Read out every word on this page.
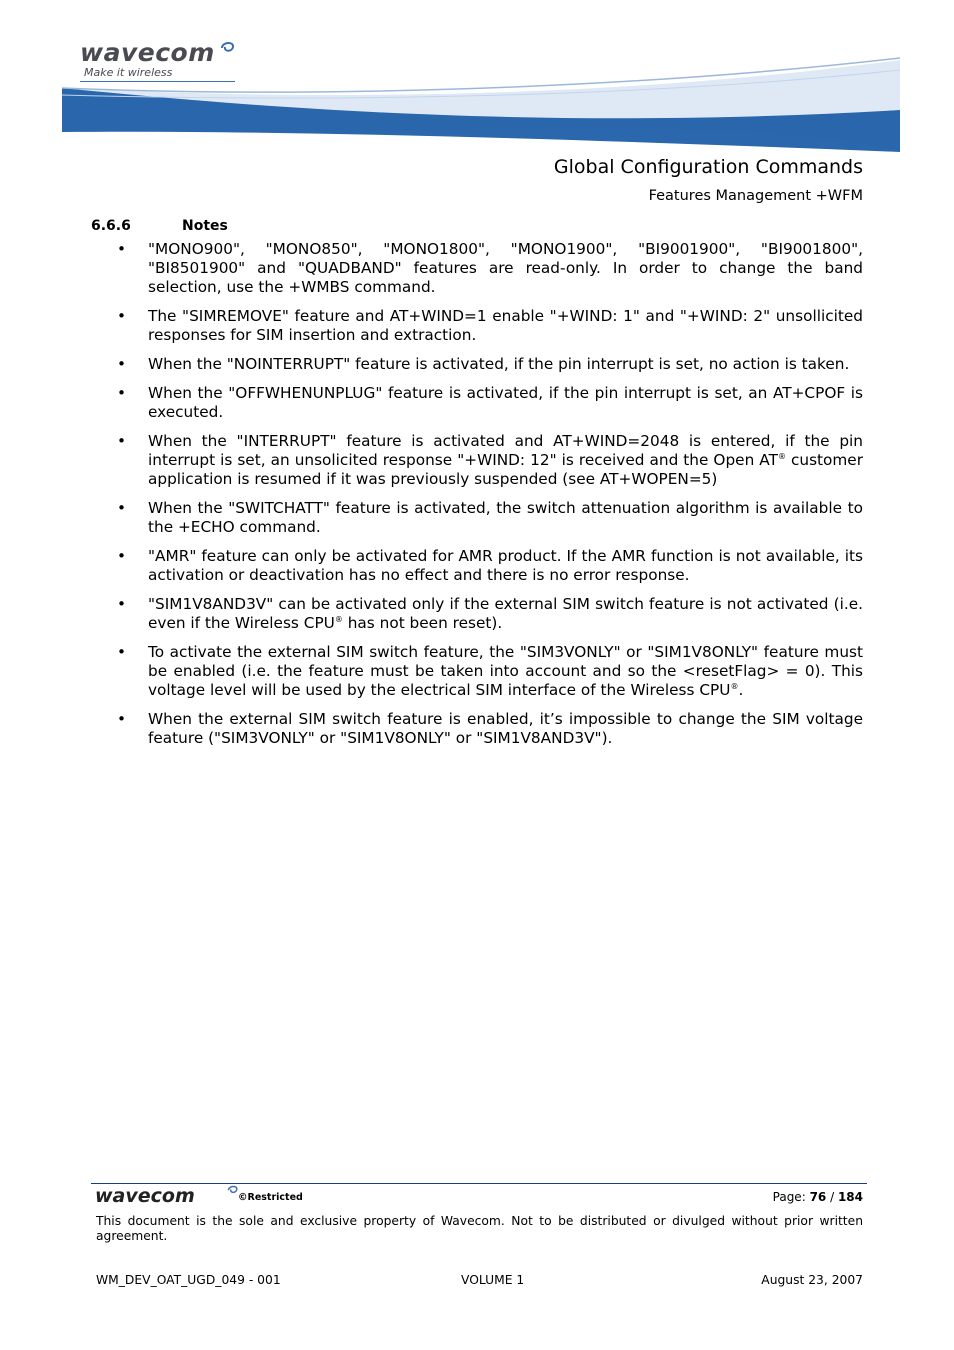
wavecom
Make it wireless
Global Configuration Commands
Features Management +WFM
6.6.6	Notes
• "MONO900", "MONO850", "MONO1800", "MONO1900", "BI9001900", "BI9001800", "BI8501900" and "QUADBAND" features are read-only. In order to change the band selection, use the +WMBS command.
• The "SIMREMOVE" feature and AT+WIND=1 enable "+WIND: 1" and "+WIND: 2" unsollicited responses for SIM insertion and extraction.
• When the "NOINTERRUPT" feature is activated, if the pin interrupt is set, no action is taken.
• When the "OFFWHENUNPLUG" feature is activated, if the pin interrupt is set, an AT+CPOF is executed.
• When the "INTERRUPT" feature is activated and AT+WIND=2048 is entered, if the pin interrupt is set, an unsolicited response "+WIND: 12" is received and the Open AT® customer application is resumed if it was previously suspended (see AT+WOPEN=5)
• When the "SWITCHATT" feature is activated, the switch attenuation algorithm is available to the +ECHO command.
• "AMR" feature can only be activated for AMR product. If the AMR function is not available, its activation or deactivation has no effect and there is no error response.
• "SIM1V8AND3V" can be activated only if the external SIM switch feature is not activated (i.e. even if the Wireless CPU® has not been reset).
• To activate the external SIM switch feature, the "SIM3VONLY" or "SIM1V8ONLY" feature must be enabled (i.e. the feature must be taken into account and so the <resetFlag> = 0). This voltage level will be used by the electrical SIM interface of the Wireless CPU®.
• When the external SIM switch feature is enabled, it’s impossible to change the SIM voltage feature ("SIM3VONLY" or "SIM1V8ONLY" or "SIM1V8AND3V").
wavecom	©Restricted	Page: 76 / 184
This document is the sole and exclusive property of Wavecom. Not to be distributed or divulged without prior written agreement.
WM_DEV_OAT_UGD_049 - 001	VOLUME 1	August 23, 2007
